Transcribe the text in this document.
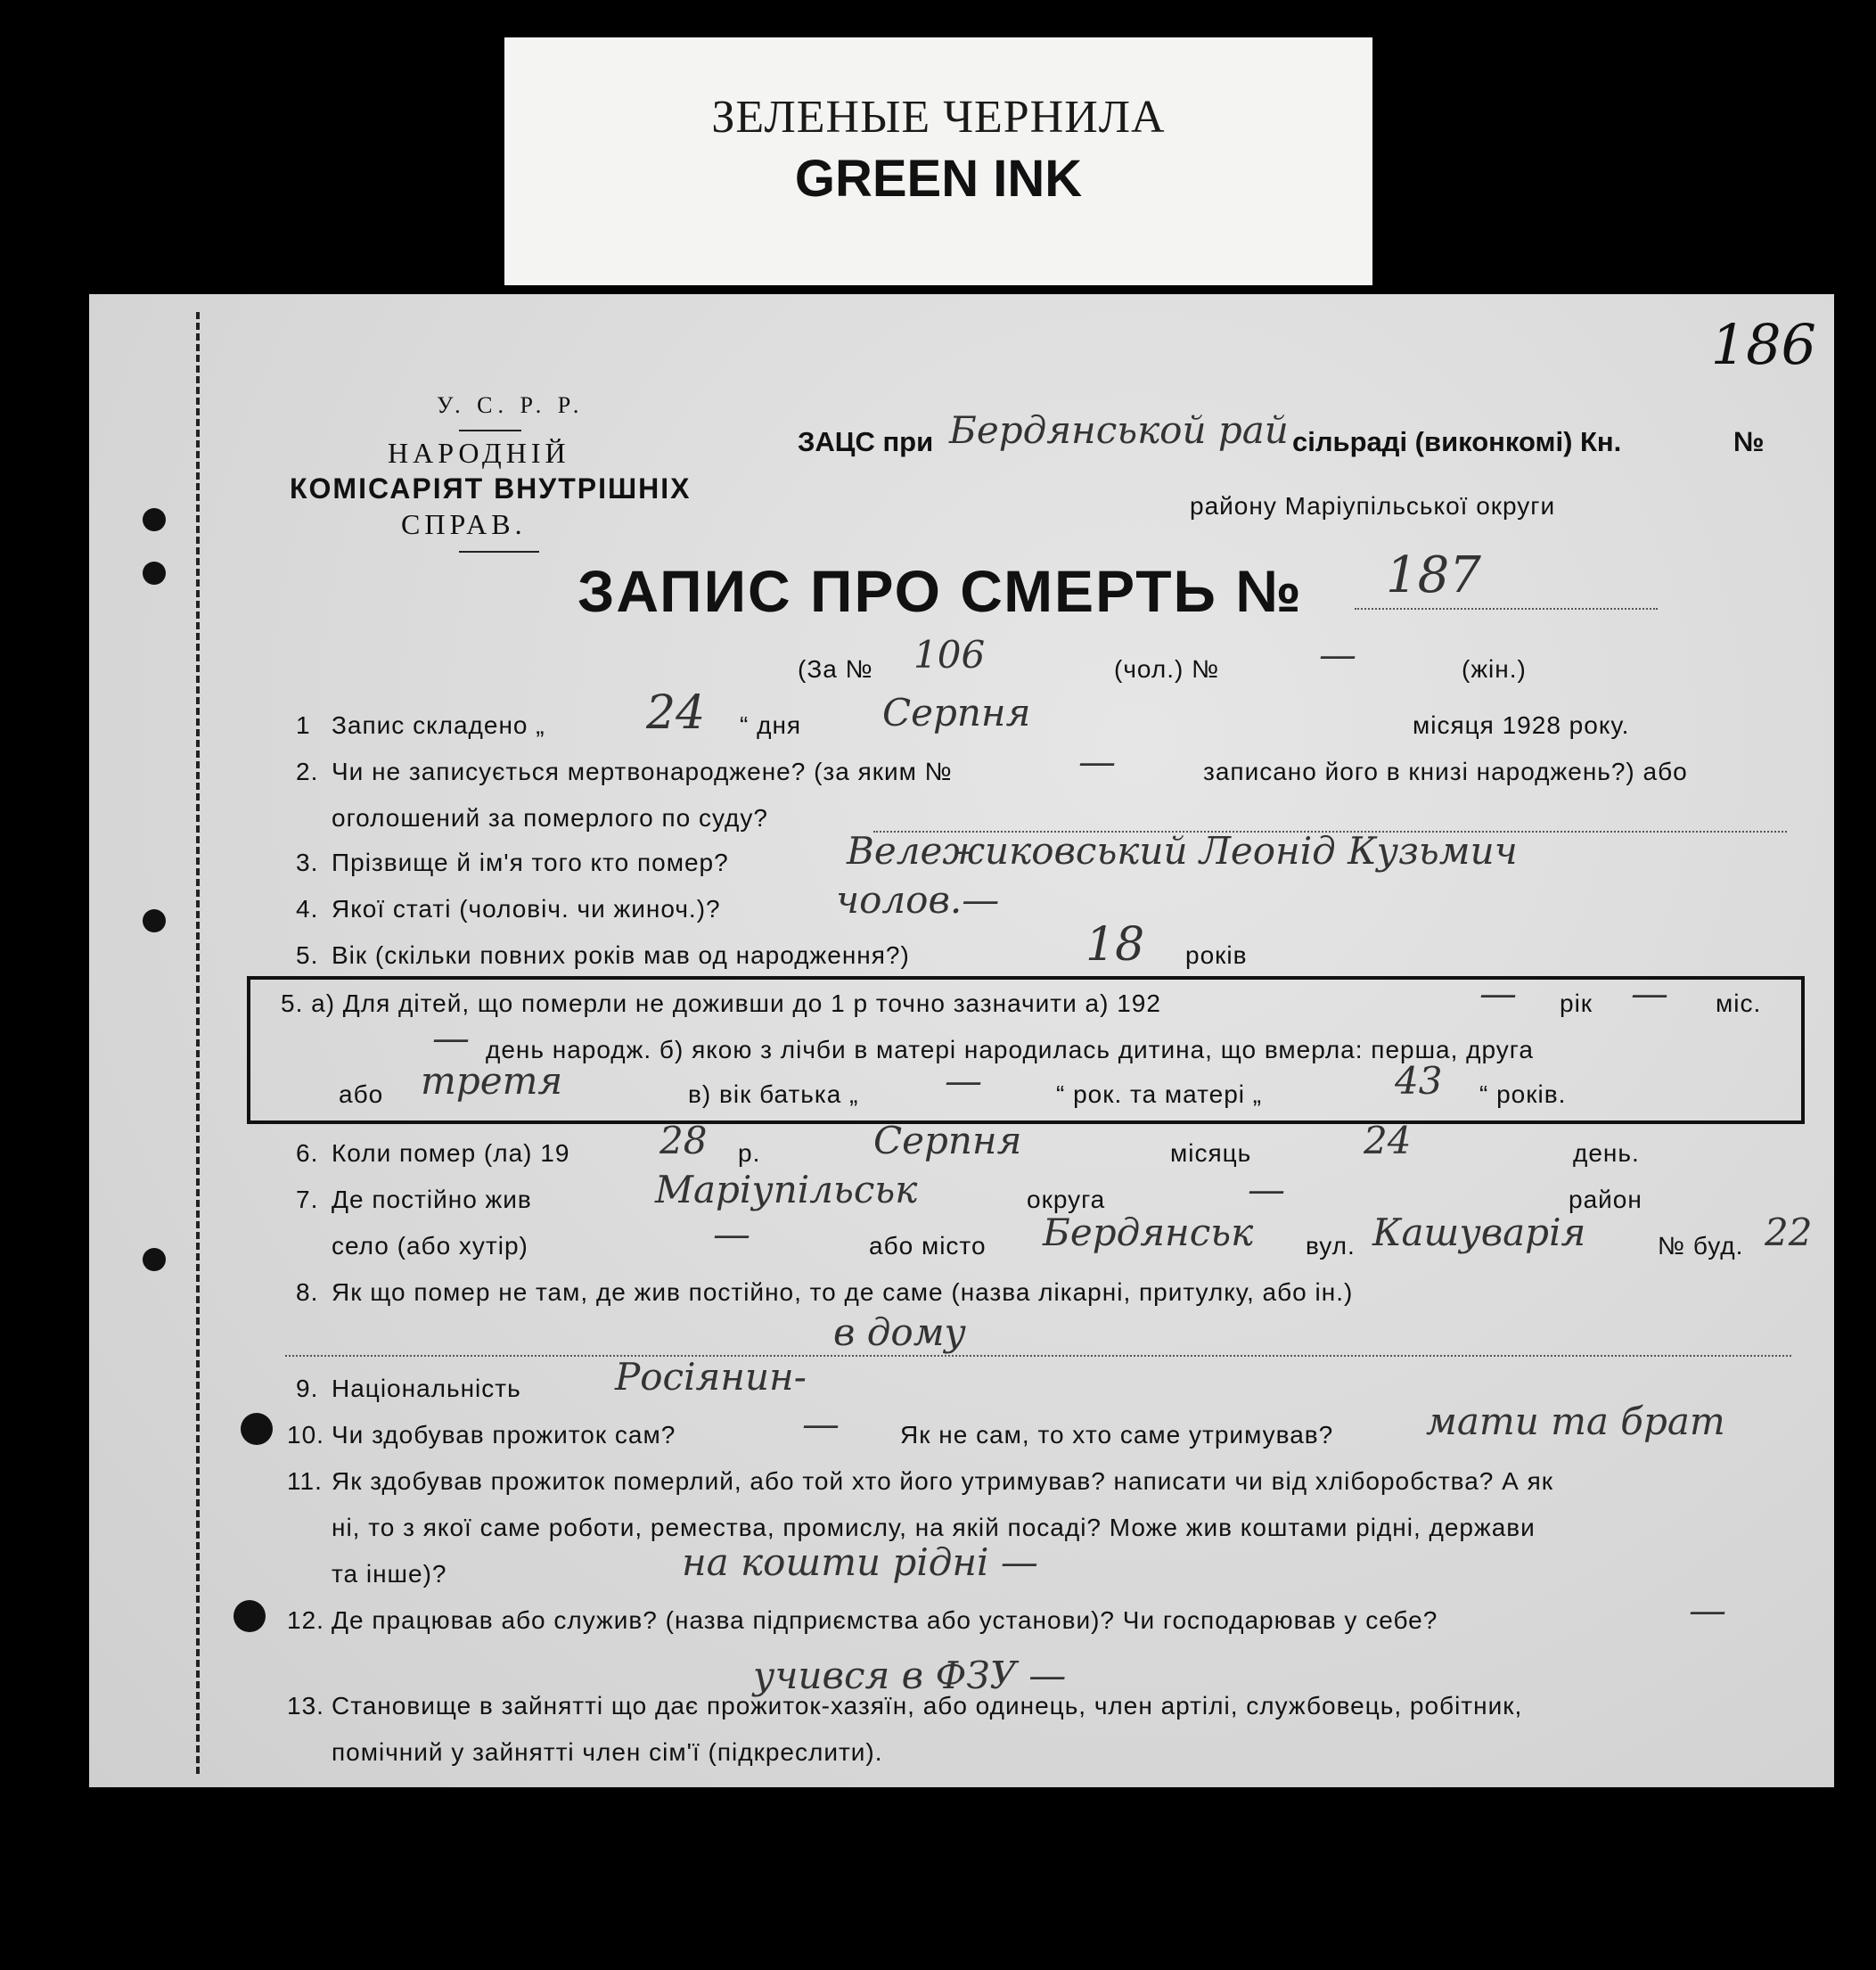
ЗЕЛЕНЫЕ ЧЕРНИЛА
GREEN INK
186
У. С. Р. Р.
НАРОДНІЙ
КОМІСАРІЯТ ВНУТРІШНІХ
СПРАВ.
ЗАЦС при Бердянськой рай сільраді (виконкомі) Кн.	№
району Маріупільської округи
ЗАПИС ПРО СМЕРТЬ № 187
(За № 106	(чол.) №	—	(жін.)
1 Запис складено „ 24 “ дня Серпня	місяця 1928 року.
2. Чи не записується мертвонароджене? (за яким №	—	записано його в книзі народжень?) або
оголошений за померлого по суду?
3. Прізвище й ім'я того кто помер?	Вележиковський Леонід Кузьмич
4. Якої статі (чоловіч. чи жиноч.)?	чолов.—
5. Вік (скільки повних років мав од народження?)	18 років
5. а) Для дітей, що померли не доживши до 1 р точно зазначити а) 192	— рік — міс.
— день народж. б) якою з лічби в матері народилась дитина, що вмерла: перша, друга
або третя	в) вік батька „ —	“ рок. та матері „	43 “ років.
6. Коли помер (ла) 19 28 р.	Серпня	місяць	24	день.
7. Де постійно жив	Маріупільськ	округа	—	район
село (або хутір)	—	або місто Бердянськ вул. Кашуварія	№ буд. 22
8. Як що помер не там, де жив постійно, то де саме (назва лікарні, притулку, або ін.)
в дому
9. Національність	Росіянин-
10. Чи здобував прожиток сам?	— Як не сам, то хто саме утримував? мати та брат
11. Як здобував прожиток померлий, або той хто його утримував? написати чи від хліборобства? А як
ні, то з якої саме роботи, ремества, промислу, на якій посаді? Може жив коштами рідні, держави
та інше)?	на кошти рідні —
12. Де працював або служив? (назва підприємства або установи)? Чи господарював у себе?	—
учився в ФЗУ —
13. Становище в зайнятті що дає прожиток-хазяїн, або одинець, член артілі, службовець, робітник,
помічний у зайнятті член сім'ї (підкреслити).
